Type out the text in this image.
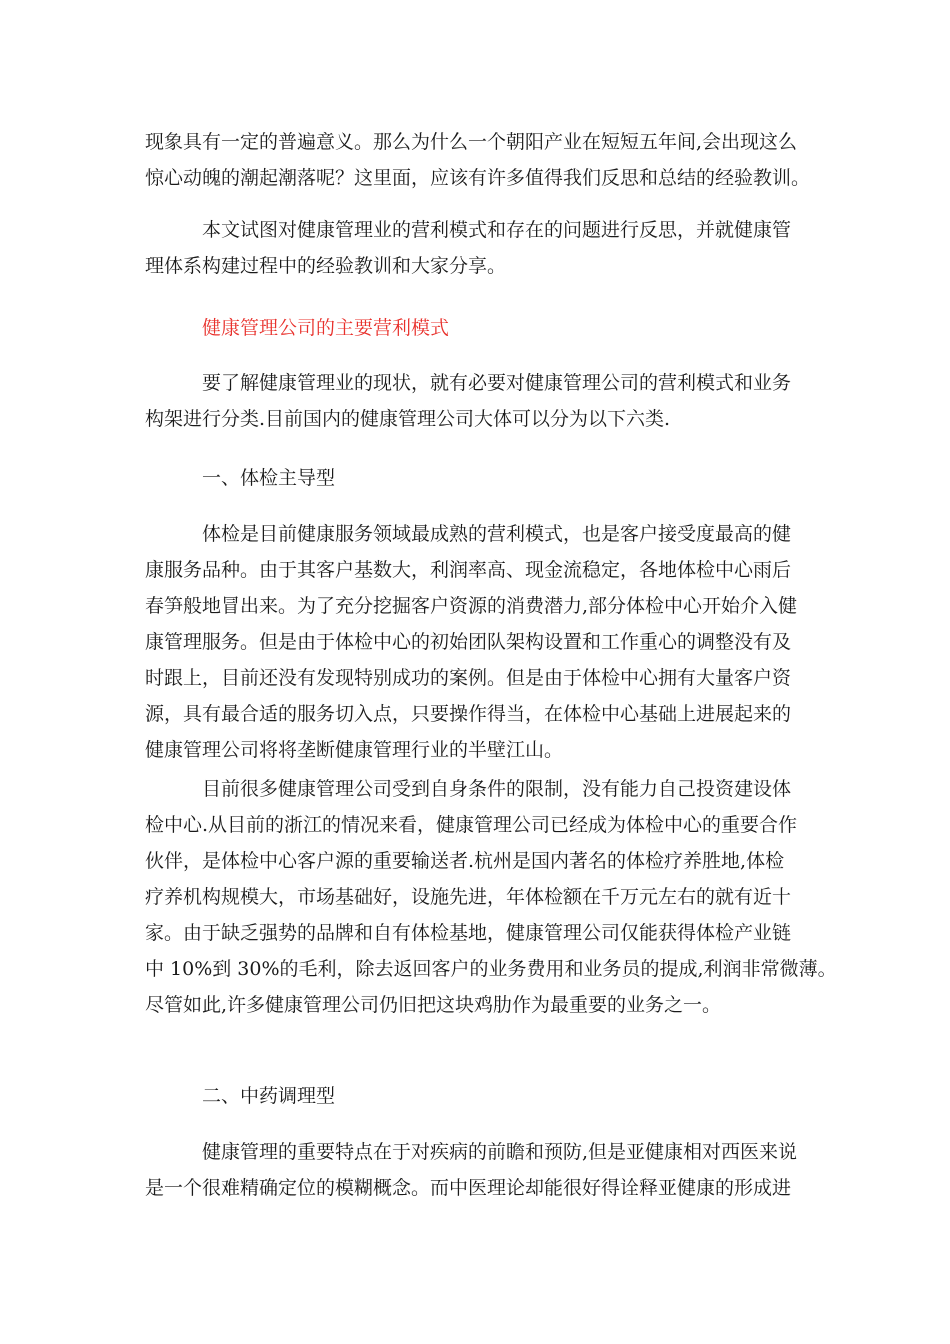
现象具有一定的普遍意义。那么为什么一个朝阳产业在短短五年间,会出现这么
惊心动魄的潮起潮落呢？这里面，应该有许多值得我们反思和总结的经验教训。
本文试图对健康管理业的营利模式和存在的问题进行反思，并就健康管
理体系构建过程中的经验教训和大家分享。
健康管理公司的主要营利模式
要了解健康管理业的现状，就有必要对健康管理公司的营利模式和业务
构架进行分类.目前国内的健康管理公司大体可以分为以下六类.
一、体检主导型
体检是目前健康服务领域最成熟的营利模式，也是客户接受度最高的健
康服务品种。由于其客户基数大，利润率高、现金流稳定，各地体检中心雨后
春笋般地冒出来。为了充分挖掘客户资源的消费潜力,部分体检中心开始介入健
康管理服务。但是由于体检中心的初始团队架构设置和工作重心的调整没有及
时跟上，目前还没有发现特别成功的案例。但是由于体检中心拥有大量客户资
源，具有最合适的服务切入点，只要操作得当，在体检中心基础上进展起来的
健康管理公司将将垄断健康管理行业的半壁江山。
目前很多健康管理公司受到自身条件的限制，没有能力自己投资建设体
检中心.从目前的浙江的情况来看，健康管理公司已经成为体检中心的重要合作
伙伴，是体检中心客户源的重要输送者.杭州是国内著名的体检疗养胜地,体检
疗养机构规模大，市场基础好，设施先进，年体检额在千万元左右的就有近十
家。由于缺乏强势的品牌和自有体检基地，健康管理公司仅能获得体检产业链
中 10%到 30%的毛利，除去返回客户的业务费用和业务员的提成,利润非常微薄。
尽管如此,许多健康管理公司仍旧把这块鸡肋作为最重要的业务之一。
二、中药调理型
健康管理的重要特点在于对疾病的前瞻和预防,但是亚健康相对西医来说
是一个很难精确定位的模糊概念。而中医理论却能很好得诠释亚健康的形成进
